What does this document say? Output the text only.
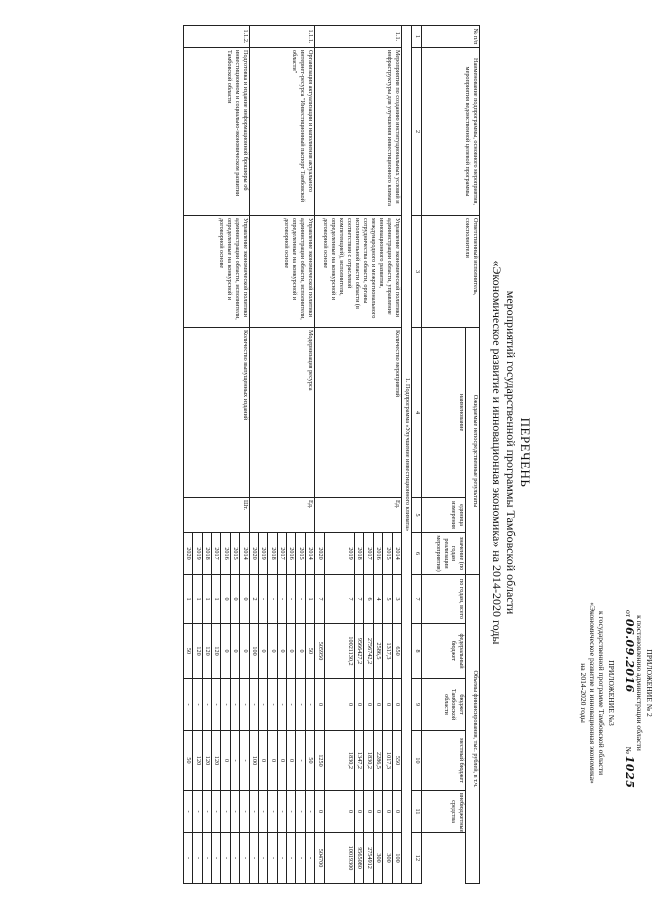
ПРИЛОЖЕНИЕ № 2
к постановлению администрации области
от 06.09.2016  № 1025
ПРИЛОЖЕНИЕ №3
к государственной программе Тамбовской области
«Экономическое развитие и инновационная экономика»
на 2014-2020 годы
ПЕРЕЧЕНЬ
мероприятий государственной программы Тамбовской области
«Экономическое развитие и инновационная экономика» на 2014-2020 годы
№ п/п	Наименование подпрограммы, основного мероприятия, мероприятия ведомственной целевой программы	Ответственный исполнитель, соисполнители	Ожидаемые непосредственные результаты			Объемы финансирования, тыс. рублей, в т.ч.					
			наименование	единица измерения	значение (по годам реализации мероприятия)	по годам, всего	федеральный бюджет	бюджет Тамбовской области	местный бюджет	внебюджетные средства

1	2	3	4	5	6	7	8	9	10	11	12
1. Подпрограмма «Улучшение инвестиционного климата»											
1.1.	Мероприятия по созданию институциональных условий и инфраструктуры для улучшения инвестиционного климата	Управление экономической политики администрации области, управление инновационного развития, международного и межрегионального сотрудничества области, органы исполнительной власти области (в соответствии с отраслевой компетенцией), исполнители, определенные на конкурсной и договорной основе	Количество мероприятий	Ед.	2014	3	650	0	550	0	100
					2015	5	1317,3	0	1017,3	0	300
					2016	4	2586,5	0	2286,5	0	300
					2017	6	2756742,2	0	1830,2	0	2754912
					2018	7	9566427,2	0	1347,2	0	9565080
					2019	7	10021130,2	0	1830,2	0	10019300
					2020	7	505950	0	1250	0	504700
1.1.1.	Организация актуализации и наполнения актуального интернет-ресурса "Инвестиционный паспорт Тамбовской области"	Управление экономической политики администрации области, исполнители, определенные на конкурсной и договорной основе	Модернизация ресурса	Ед.	2014	1	50	-	50	-	-
					2015	-	0	-	-	-	-
					2016	-	0	-	0	-	-
					2017	-	0	-	0	-	-
					2018	-	0	-	0	-	-
					2019	-	0	-	0	-	-
					2020	2	100	-	100	-	-
1.1.2.	Подготовка и издание информационной брошюры об инвестиционном и социально-экономическом развитии Тамбовской области	Управление экономической политики администрации области, исполнители, определенные на конкурсной и договорной основе	Количество выпущенных изданий	Шт.	2014	0	0	-	-	-	-
					2015	0	0	-	-	-	-
					2016	0	0	-	0	-	-
					2017	1	120	-	120	-	-
					2018	1	120	-	120	-	-
					2019	1	120	-	120	-	-
					2020	1	50	-	50	-	-
